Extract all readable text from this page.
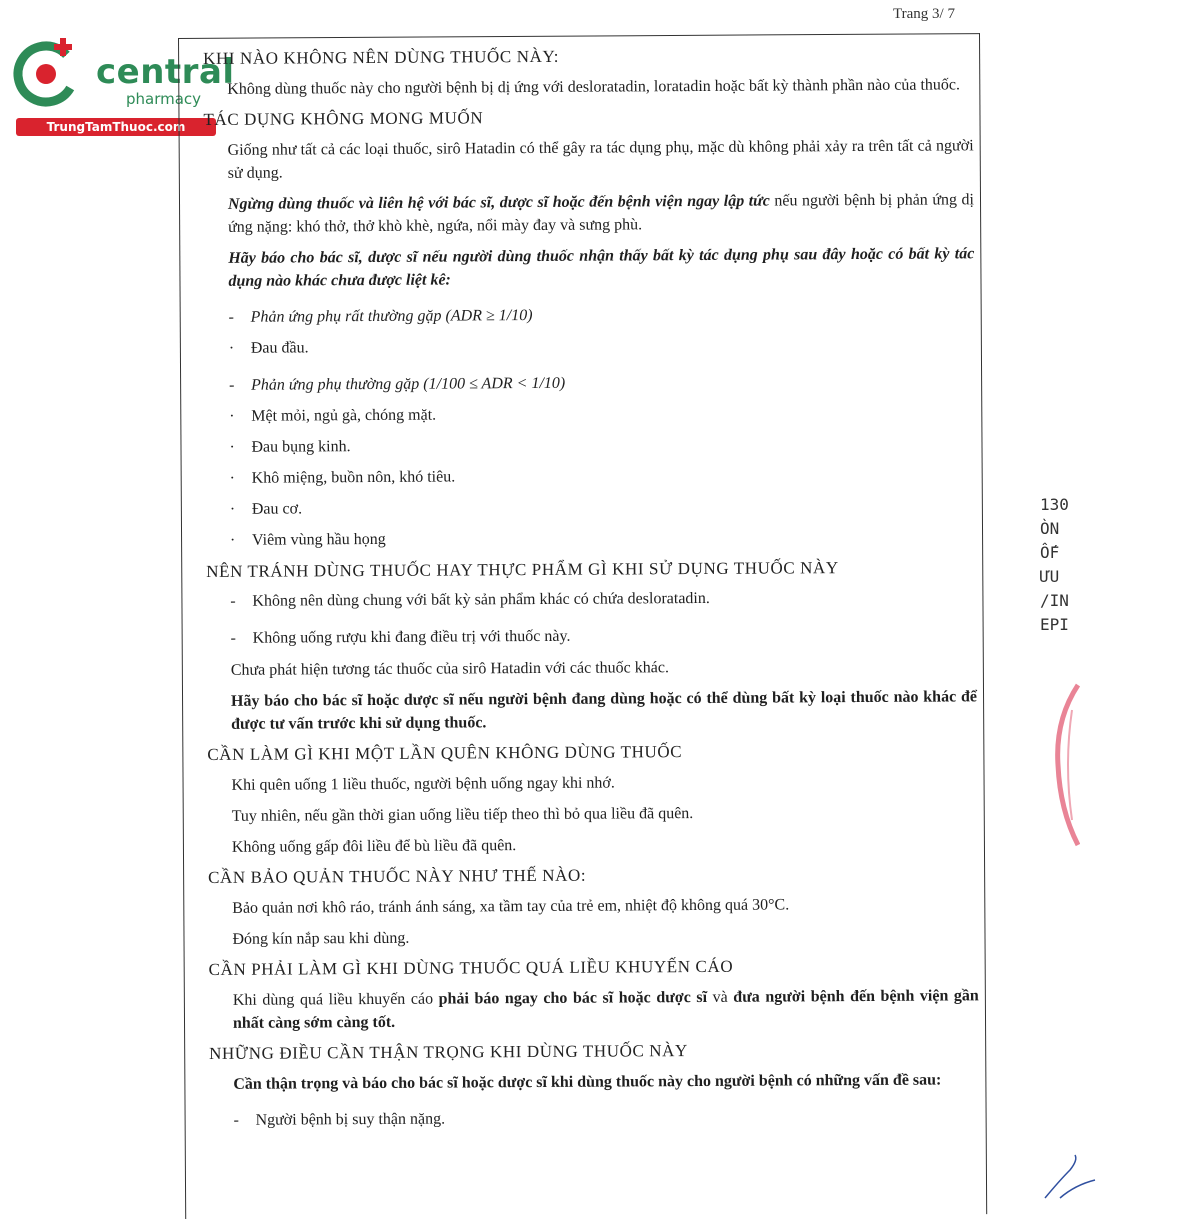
Trang 3/ 7
central
pharmacy
TrungTamThuoc.com
KHI NÀO KHÔNG NÊN DÙNG THUỐC NÀY:

Không dùng thuốc này cho người bệnh bị dị ứng với desloratadin, loratadin hoặc bất kỳ thành phần nào của thuốc.

TÁC DỤNG KHÔNG MONG MUỐN

Giống như tất cả các loại thuốc, sirô Hatadin có thể gây ra tác dụng phụ, mặc dù không phải xảy ra trên tất cả người sử dụng.

Ngừng dùng thuốc và liên hệ với bác sĩ, dược sĩ hoặc đến bệnh viện ngay lập tức nếu người bệnh bị phản ứng dị ứng nặng: khó thở, thở khò khè, ngứa, nổi mày đay và sưng phù.

Hãy báo cho bác sĩ, dược sĩ nếu người dùng thuốc nhận thấy bất kỳ tác dụng phụ sau đây hoặc có bất kỳ tác dụng nào khác chưa được liệt kê:

-	Phản ứng phụ rất thường gặp (ADR ≥ 1/10)
·	Đau đầu.
-	Phản ứng phụ thường gặp (1/100 ≤ ADR < 1/10)
·	Mệt mỏi, ngủ gà, chóng mặt.
·	Đau bụng kinh.
·	Khô miệng, buồn nôn, khó tiêu.
·	Đau cơ.
·	Viêm vùng hầu họng
NÊN TRÁNH DÙNG THUỐC HAY THỰC PHẨM GÌ KHI SỬ DỤNG THUỐC NÀY
-	Không nên dùng chung với bất kỳ sản phẩm khác có chứa desloratadin.
-	Không uống rượu khi đang điều trị với thuốc này.

Chưa phát hiện tương tác thuốc của sirô Hatadin với các thuốc khác.

Hãy báo cho bác sĩ hoặc dược sĩ nếu người bệnh đang dùng hoặc có thể dùng bất kỳ loại thuốc nào khác để được tư vấn trước khi sử dụng thuốc.

CẦN LÀM GÌ KHI MỘT LẦN QUÊN KHÔNG DÙNG THUỐC

Khi quên uống 1 liều thuốc, người bệnh uống ngay khi nhớ.

Tuy nhiên, nếu gần thời gian uống liều tiếp theo thì bỏ qua liều đã quên.

Không uống gấp đôi liều để bù liều đã quên.

CẦN BẢO QUẢN THUỐC NÀY NHƯ THẾ NÀO:

Bảo quản nơi khô ráo, tránh ánh sáng, xa tầm tay của trẻ em, nhiệt độ không quá 30°C.

Đóng kín nắp sau khi dùng.

CẦN PHẢI LÀM GÌ KHI DÙNG THUỐC QUÁ LIỀU KHUYẾN CÁO

Khi dùng quá liều khuyến cáo phải báo ngay cho bác sĩ hoặc dược sĩ và đưa người bệnh đến bệnh viện gần nhất càng sớm càng tốt.

NHỮNG ĐIỀU CẦN THẬN TRỌNG KHI DÙNG THUỐC NÀY

Cần thận trọng và báo cho bác sĩ hoặc dược sĩ khi dùng thuốc này cho người bệnh có những vấn đề sau:

-	Người bệnh bị suy thận nặng.
130
ÒN
ỐF
ƯU
/IN
EPI
